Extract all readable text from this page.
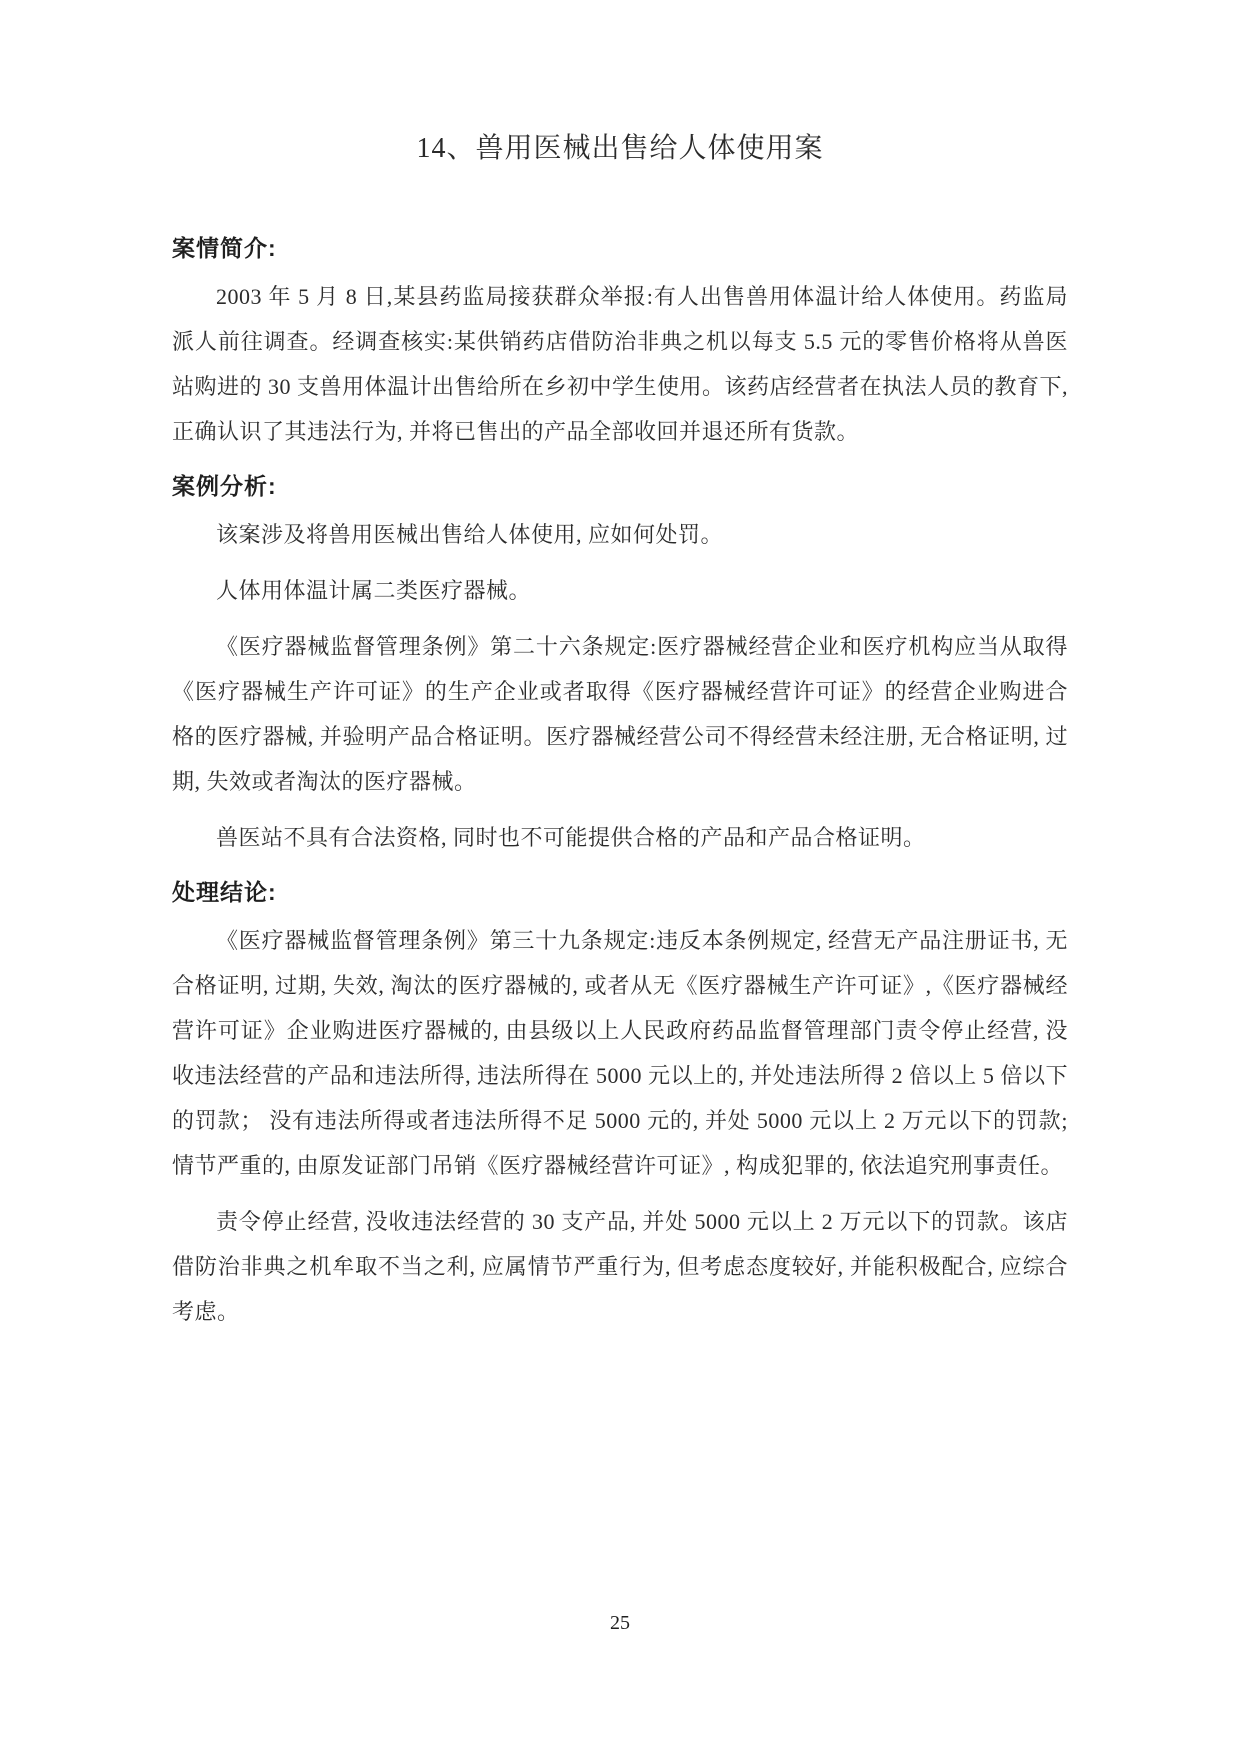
14、兽用医械出售给人体使用案
案情简介:

2003 年 5 月 8 日,某县药监局接获群众举报:有人出售兽用体温计给人体使用。药监局派人前往调查。经调查核实:某供销药店借防治非典之机以每支 5.5 元的零售价格将从兽医站购进的 30 支兽用体温计出售给所在乡初中学生使用。该药店经营者在执法人员的教育下, 正确认识了其违法行为, 并将已售出的产品全部收回并退还所有货款。

案例分析:

该案涉及将兽用医械出售给人体使用, 应如何处罚。

人体用体温计属二类医疗器械。

《医疗器械监督管理条例》第二十六条规定:医疗器械经营企业和医疗机构应当从取得《医疗器械生产许可证》的生产企业或者取得《医疗器械经营许可证》的经营企业购进合格的医疗器械, 并验明产品合格证明。医疗器械经营公司不得经营未经注册, 无合格证明, 过期, 失效或者淘汰的医疗器械。

兽医站不具有合法资格, 同时也不可能提供合格的产品和产品合格证明。

处理结论:

《医疗器械监督管理条例》第三十九条规定:违反本条例规定, 经营无产品注册证书, 无合格证明, 过期, 失效, 淘汰的医疗器械的, 或者从无《医疗器械生产许可证》,《医疗器械经营许可证》企业购进医疗器械的, 由县级以上人民政府药品监督管理部门责令停止经营, 没收违法经营的产品和违法所得, 违法所得在 5000 元以上的, 并处违法所得 2 倍以上 5 倍以下的罚款； 没有违法所得或者违法所得不足 5000 元的, 并处 5000 元以上 2 万元以下的罚款;情节严重的, 由原发证部门吊销《医疗器械经营许可证》, 构成犯罪的, 依法追究刑事责任。

责令停止经营, 没收违法经营的 30 支产品, 并处 5000 元以上 2 万元以下的罚款。该店借防治非典之机牟取不当之利, 应属情节严重行为, 但考虑态度较好, 并能积极配合, 应综合考虑。

25
